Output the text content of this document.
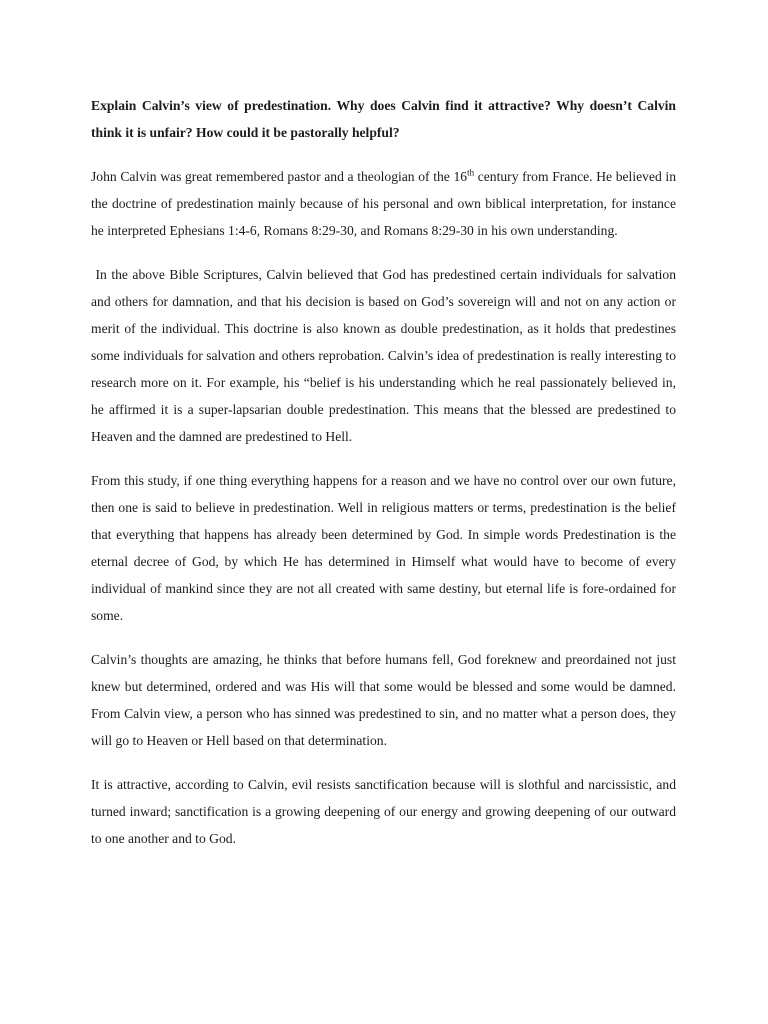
Explain Calvin’s view of predestination. Why does Calvin find it attractive? Why doesn’t Calvin think it is unfair? How could it be pastorally helpful?

John Calvin was great remembered pastor and a theologian of the 16th century from France. He believed in the doctrine of predestination mainly because of his personal and own biblical interpretation, for instance he interpreted Ephesians 1:4-6, Romans 8:29-30, and Romans 8:29-30 in his own understanding.

In the above Bible Scriptures, Calvin believed that God has predestined certain individuals for salvation and others for damnation, and that his decision is based on God’s sovereign will and not on any action or merit of the individual. This doctrine is also known as double predestination, as it holds that predestines some individuals for salvation and others reprobation. Calvin’s idea of predestination is really interesting to research more on it. For example, his “belief is his understanding which he real passionately believed in, he affirmed it is a super-lapsarian double predestination. This means that the blessed are predestined to Heaven and the damned are predestined to Hell.

From this study, if one thing everything happens for a reason and we have no control over our own future, then one is said to believe in predestination. Well in religious matters or terms, predestination is the belief that everything that happens has already been determined by God. In simple words Predestination is the eternal decree of God, by which He has determined in Himself what would have to become of every individual of mankind since they are not all created with same destiny, but eternal life is fore-ordained for some.

Calvin’s thoughts are amazing, he thinks that before humans fell, God foreknew and preordained not just knew but determined, ordered and was His will that some would be blessed and some would be damned.  From Calvin view, a person who has sinned was predestined to sin, and no matter what a person does, they will go to Heaven or Hell based on that determination.

It is attractive, according to Calvin, evil resists sanctification because will is slothful and narcissistic, and turned inward; sanctification is a growing deepening of our energy and growing deepening of our outward to one another and to God.
